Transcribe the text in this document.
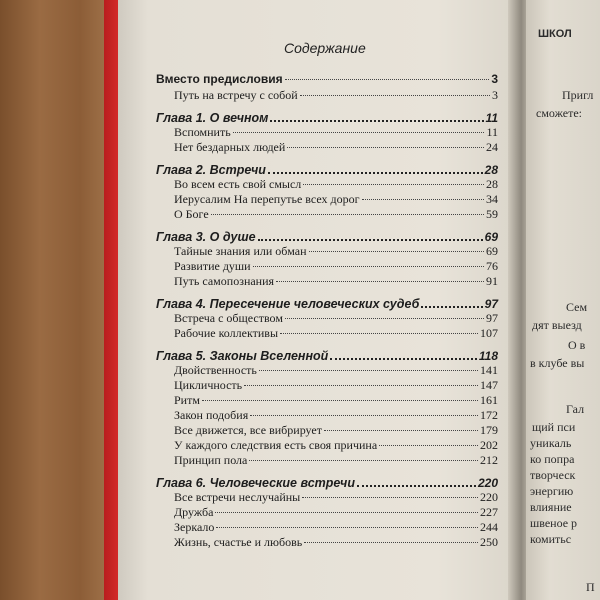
Содержание
Вместо предисловия	3
Путь на встречу с собой	3
Глава 1. О вечном	11
Вспомнить	11
Нет бездарных людей	24
Глава 2. Встречи	28
Во всем есть свой смысл	28
Иерусалим На перепутье всех дорог	34
О Боге	59
Глава 3. О душе	69
Тайные знания или обман	69
Развитие души	76
Путь самопознания	91
Глава 4. Пересечение человеческих судеб	97
Встреча с обществом	97
Рабочие коллективы	107
Глава 5. Законы Вселенной	118
Двойственность	141
Цикличность	147
Ритм	161
Закон подобия	172
Все движется, все вибрирует	179
У каждого следствия есть своя причина	202
Принцип пола	212
Глава 6. Человеческие встречи	220
Все встречи неслучайны	220
Дружба	227
Зеркало	244
Жизнь, счастье и любовь	250
ШКОЛ
Пригл
сможете:
Сем
дят выезд
О в
в клубе вы
Гал
щий пси
уникаль
ко попра
творческ
энергию
влияние
швеное р
комитьс
П
